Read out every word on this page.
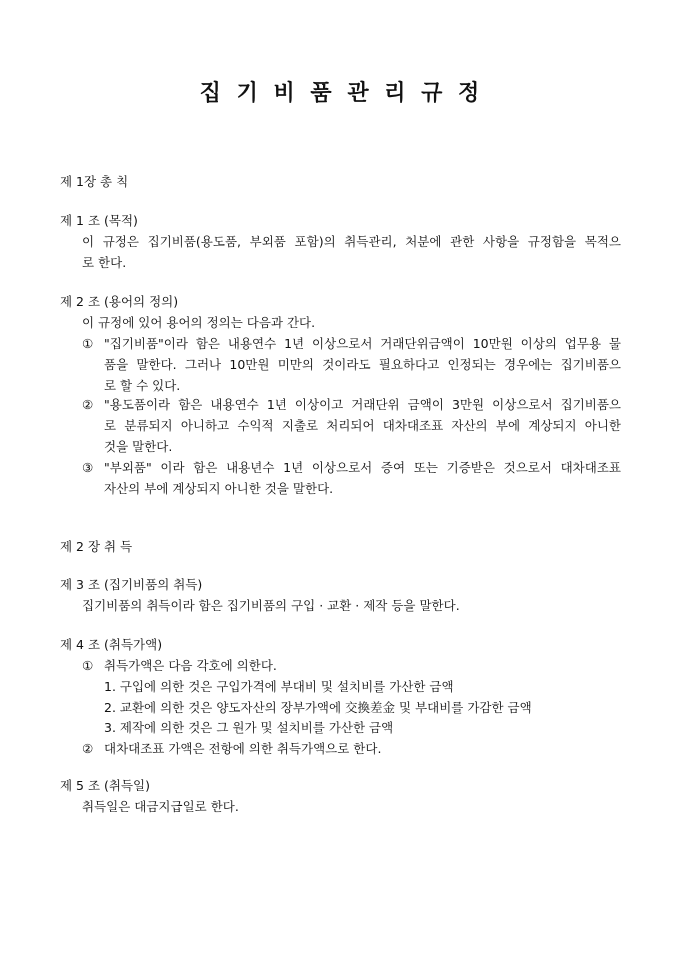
집 기 비 품 관 리 규 정
제 1장 총 칙
제 1 조 (목적)
이 규정은 집기비품(용도품, 부외품 포함)의 취득관리, 처분에 관한 사항을 규정함을 목적으
로 한다.
제 2 조 (용어의 정의)
이 규정에 있어 용어의 정의는 다음과 간다.
① "집기비품"이라 함은 내용연수 1년 이상으로서 거래단위금액이 10만원 이상의 업무용 물
품을 말한다. 그러나 10만원 미만의 것이라도 필요하다고 인정되는 경우에는 집기비품으
로 할 수 있다.
② "용도품이라 함은 내용연수 1년 이상이고 거래단위 금액이 3만원 이상으로서 집기비품으
로 분류되지 아니하고 수익적 지출로 처리되어 대차대조표 자산의 부에 계상되지 아니한
것을 말한다.
③ "부외품" 이라 함은 내용년수 1년 이상으로서 증여 또는 기증받은 것으로서 대차대조표
자산의 부에 계상되지 아니한 것을 말한다.
제 2 장 취 득
제 3 조 (집기비품의 취득)
집기비품의 취득이라 함은 집기비품의 구입 · 교환 · 제작 등을 말한다.
제 4 조 (취득가액)
① 취득가액은 다음 각호에 의한다.
1. 구입에 의한 것은 구입가격에 부대비 및 설치비를 가산한 금액
2. 교환에 의한 것은 양도자산의 장부가액에 交換差金 및 부대비를 가감한 금액
3. 제작에 의한 것은 그 원가 및 설치비를 가산한 금액
② 대차대조표 가액은 전항에 의한 취득가액으로 한다.
제 5 조 (취득일)
취득일은 대금지급일로 한다.
